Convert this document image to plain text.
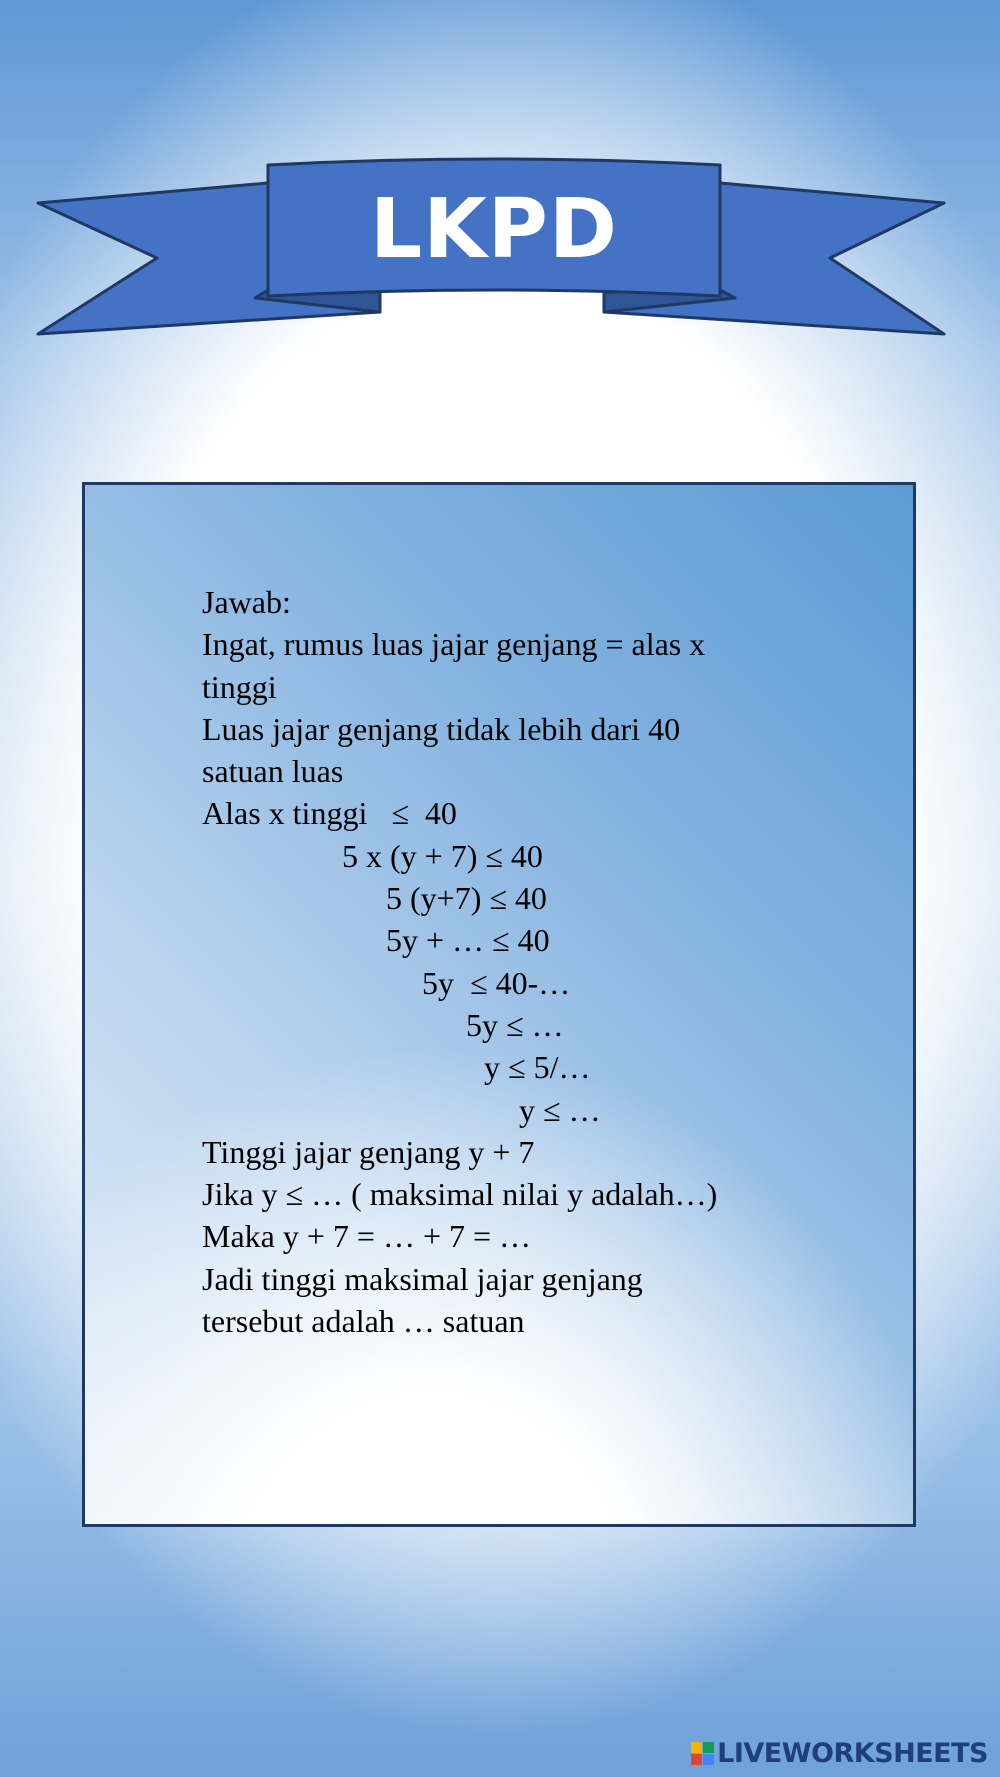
LKPD
Jawab:
Ingat, rumus luas jajar genjang = alas x
tinggi
Luas jajar genjang tidak lebih dari 40
satuan luas
Alas x tinggi   ≤  40
5 x (y + 7) ≤ 40
5 (y+7) ≤ 40
5y + … ≤ 40
5y  ≤ 40-…
5y ≤ …
y ≤ 5/…
y ≤ …
Tinggi jajar genjang y + 7
Jika y ≤ … ( maksimal nilai y adalah…)
Maka y + 7 = … + 7 = …
Jadi tinggi maksimal jajar genjang
tersebut adalah … satuan
LIVEWORKSHEETS
